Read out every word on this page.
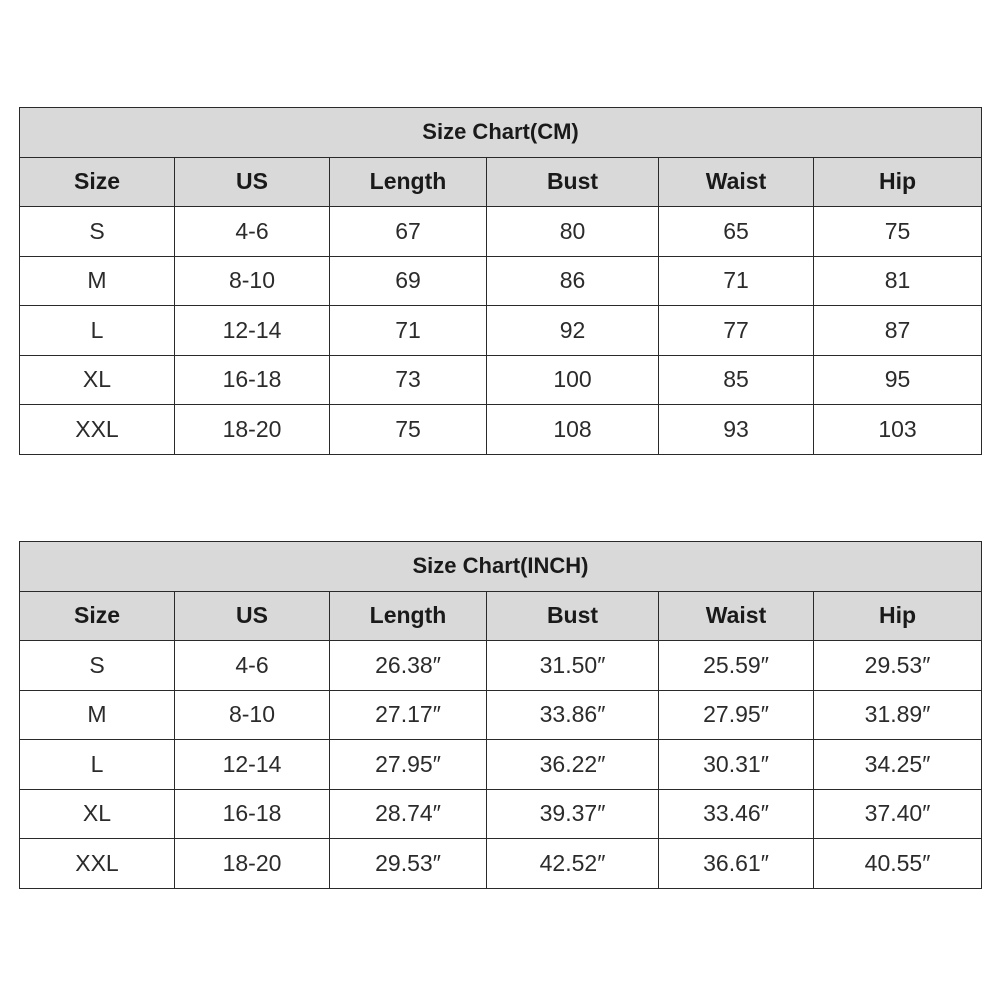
Size Chart(CM)					
Size	US	Length	Bust	Waist	Hip
S	4-6	67	80	65	75
M	8-10	69	86	71	81
L	12-14	71	92	77	87
XL	16-18	73	100	85	95
XXL	18-20	75	108	93	103
Size Chart(INCH)					
Size	US	Length	Bust	Waist	Hip
S	4-6	26.38″	31.50″	25.59″	29.53″
M	8-10	27.17″	33.86″	27.95″	31.89″
L	12-14	27.95″	36.22″	30.31″	34.25″
XL	16-18	28.74″	39.37″	33.46″	37.40″
XXL	18-20	29.53″	42.52″	36.61″	40.55″
